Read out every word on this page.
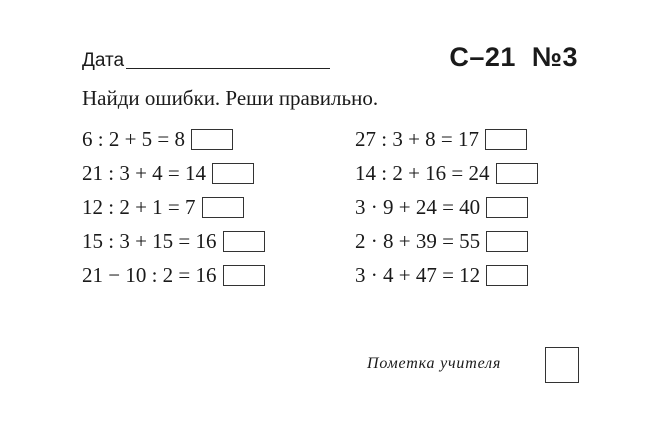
Дата	С–21  №3
Найди ошибки. Реши правильно.
6 : 2 + 5 = 8
21 : 3 + 4 = 14
12 : 2 + 1 = 7
15 : 3 + 15 = 16
21 − 10 : 2 = 16
27 : 3 + 8 = 17
14 : 2 + 16 = 24
3 · 9 + 24 = 40
2 · 8 + 39 = 55
3 · 4 + 47 = 12
Пометка учителя
